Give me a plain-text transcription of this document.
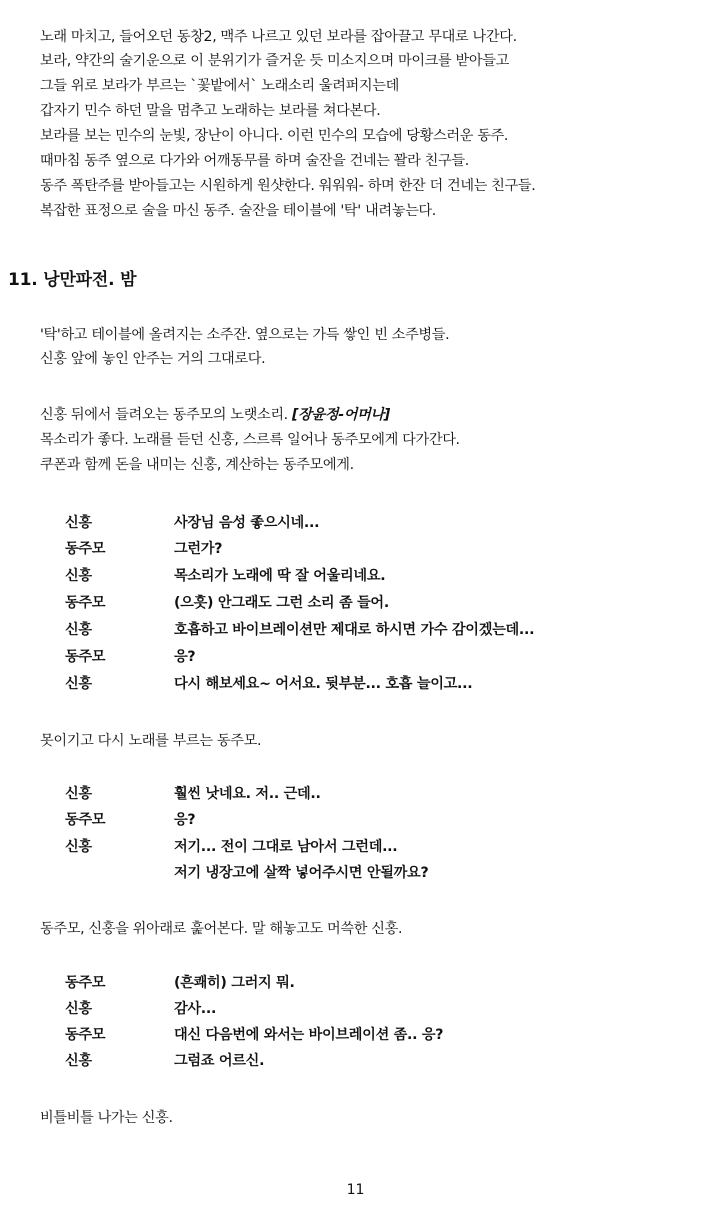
노래 마치고, 들어오던 동창2, 맥주 나르고 있던 보라를 잡아끌고 무대로 나간다.
보라, 약간의 술기운으로 이 분위기가 즐거운 듯 미소지으며 마이크를 받아들고
그들 위로 보라가 부르는 `꽃밭에서` 노래소리 울려퍼지는데
갑자기 민수 하던 말을 멈추고 노래하는 보라를 쳐다본다.
보라를 보는 민수의 눈빛, 장난이 아니다. 이런 민수의 모습에 당황스러운 동주.
때마침 동주 옆으로 다가와 어깨동무를 하며 술잔을 건네는 꽐라 친구들.
동주 폭탄주를 받아들고는 시원하게 원샷한다. 워워워- 하며 한잔 더 건네는 친구들.
복잡한 표정으로 술을 마신 동주. 술잔을 테이블에 '탁' 내려놓는다.
11. 낭만파전. 밤
'탁'하고 테이블에 올려지는 소주잔. 옆으로는 가득 쌓인 빈 소주병들.
신홍 앞에 놓인 안주는 거의 그대로다.
신홍 뒤에서 들려오는 동주모의 노랫소리. [장윤정-어머나]
목소리가 좋다. 노래를 듣던 신홍, 스르륵 일어나 동주모에게 다가간다.
쿠폰과 함께 돈을 내미는 신홍, 계산하는 동주모에게.
신홍	사장님 음성 좋으시네...
동주모	그런가?
신홍	목소리가 노래에 딱 잘 어울리네요.
동주모	(으흣) 안그래도 그런 소리 좀 들어.
신홍	호흡하고 바이브레이션만 제대로 하시면 가수 감이겠는데...
동주모	응?
신홍	다시 해보세요~ 어서요. 뒷부분... 호흡 늘이고...
못이기고 다시 노래를 부르는 동주모.
신홍	훨씬 낫네요. 저.. 근데..
동주모	응?
신홍	저기... 전이 그대로 남아서 그런데...
저기 냉장고에 살짝 넣어주시면 안될까요?
동주모, 신홍을 위아래로 훑어본다. 말 해놓고도 머쓱한 신홍.
동주모	(흔쾌히) 그러지 뭐.
신홍	감사...
동주모	대신 다음번에 와서는 바이브레이션 좀.. 응?
신홍	그럼죠 어르신.
비틀비틀 나가는 신홍.
11
